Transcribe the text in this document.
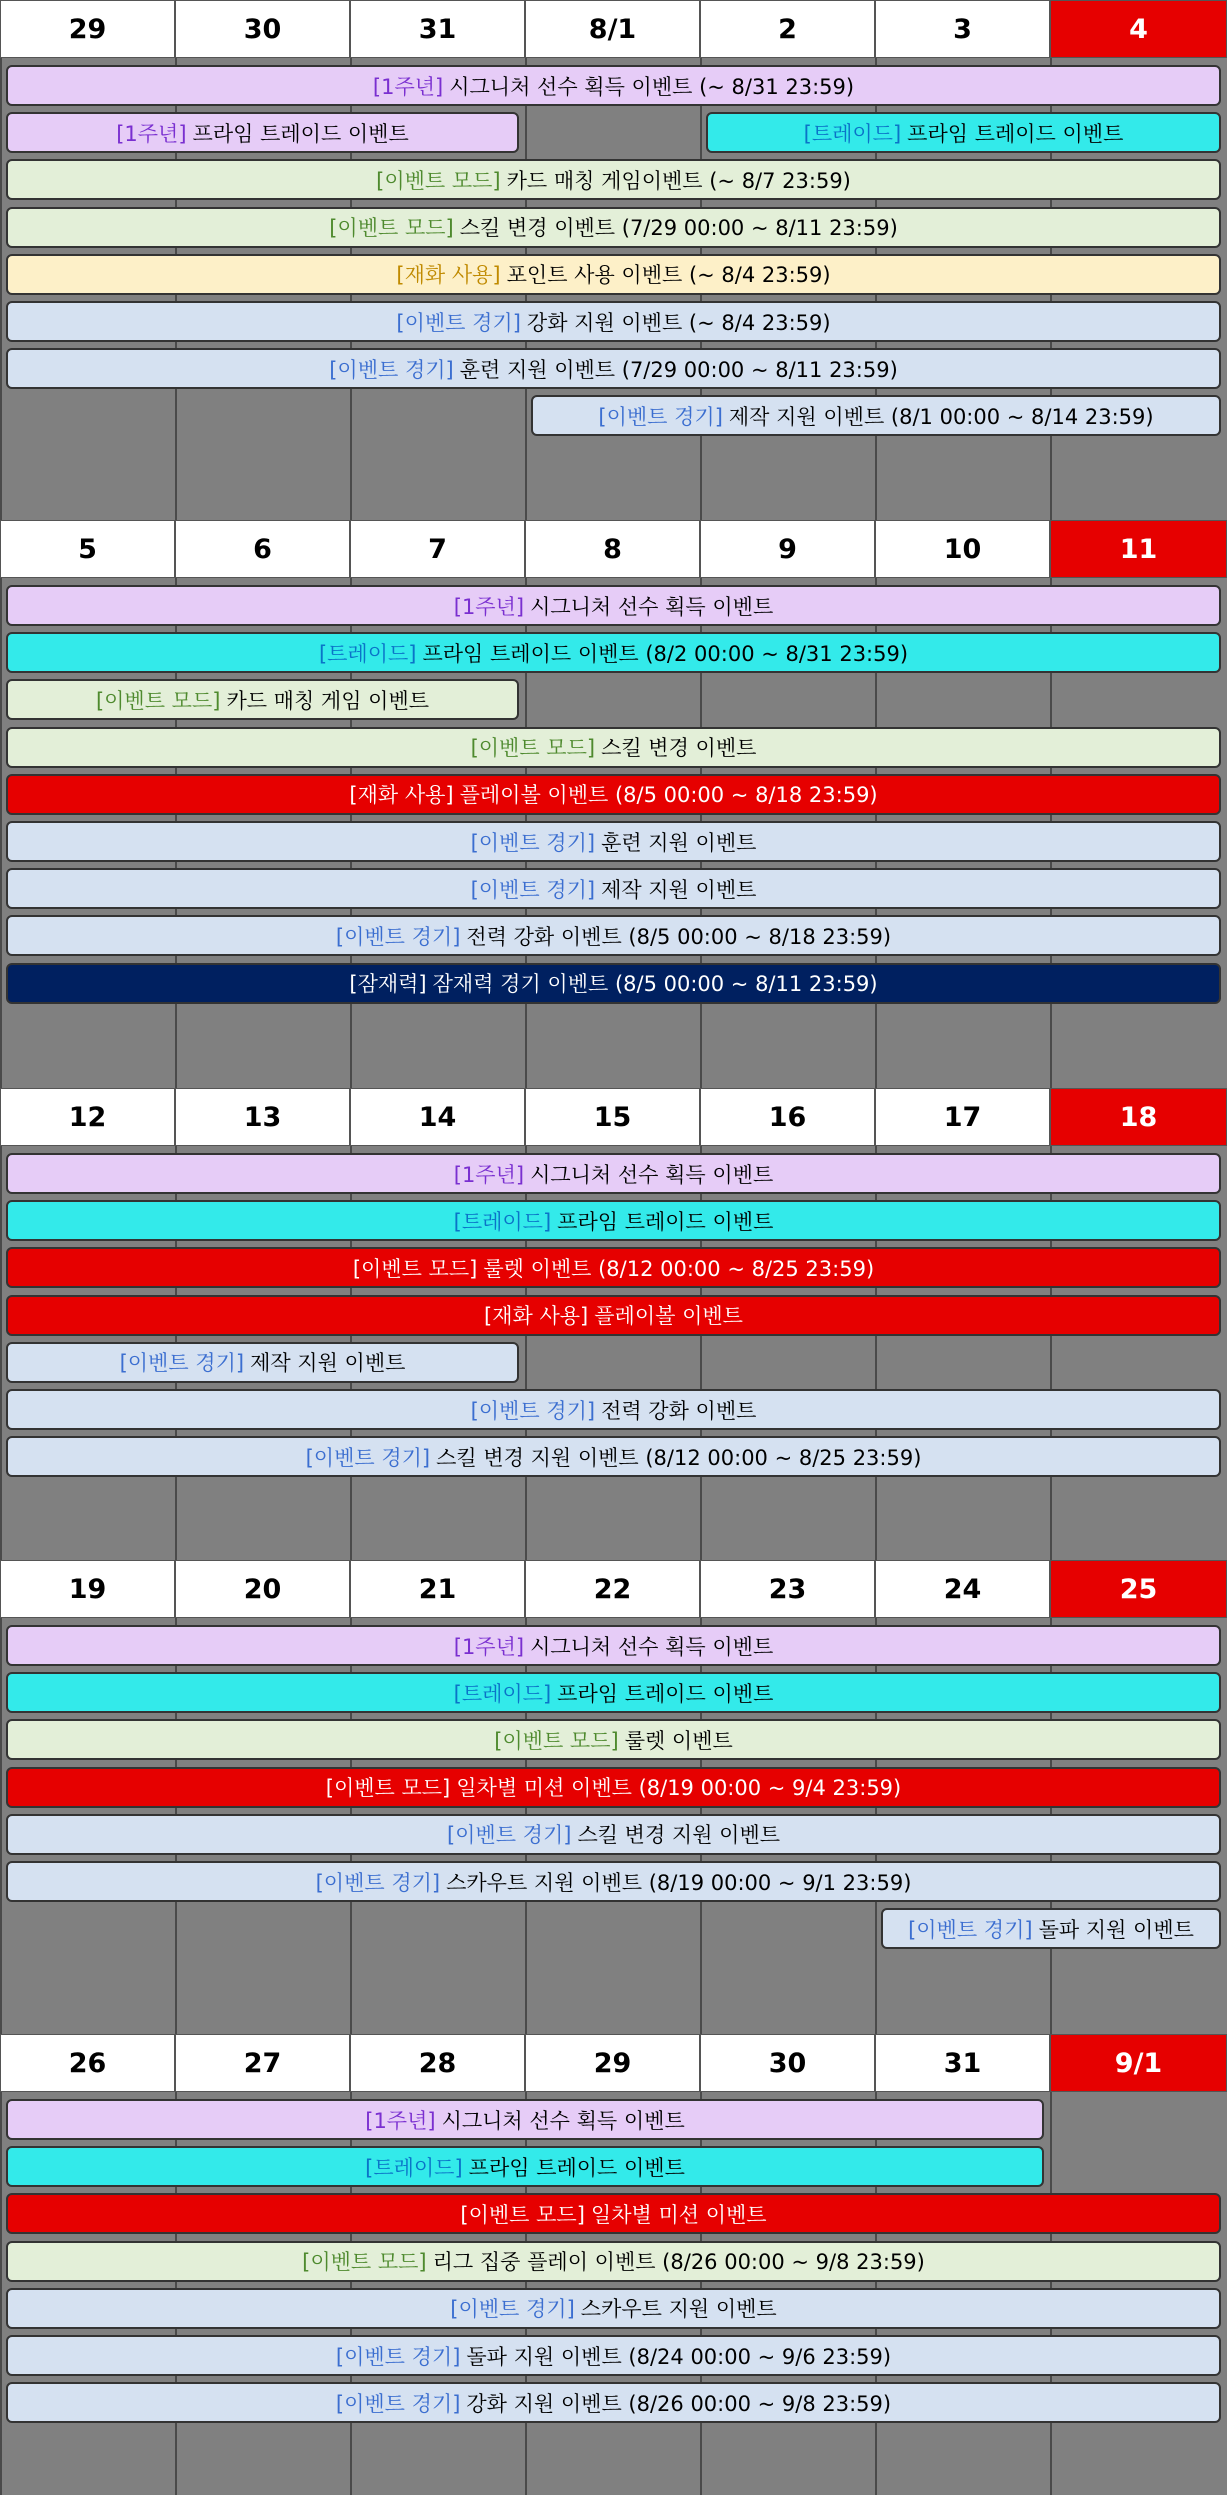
29	30	31	8/1	2	3	4
[1주년] 시그니처 선수 획득 이벤트 (~ 8/31 23:59)
[1주년] 프라임 트레이드 이벤트	[트레이드] 프라임 트레이드 이벤트
[이벤트 모드] 카드 매칭 게임이벤트 (~ 8/7 23:59)
[이벤트 모드] 스킬 변경 이벤트 (7/29 00:00 ~ 8/11 23:59)
[재화 사용] 포인트 사용 이벤트 (~ 8/4 23:59)
[이벤트 경기] 강화 지원 이벤트 (~ 8/4 23:59)
[이벤트 경기] 훈련 지원 이벤트 (7/29 00:00 ~ 8/11 23:59)
[이벤트 경기] 제작 지원 이벤트 (8/1 00:00 ~ 8/14 23:59)
5	6	7	8	9	10	11
[1주년] 시그니처 선수 획득 이벤트
[트레이드] 프라임 트레이드 이벤트 (8/2 00:00 ~ 8/31 23:59)
[이벤트 모드] 카드 매칭 게임 이벤트
[이벤트 모드] 스킬 변경 이벤트
[재화 사용] 플레이볼 이벤트 (8/5 00:00 ~ 8/18 23:59)
[이벤트 경기] 훈련 지원 이벤트
[이벤트 경기] 제작 지원 이벤트
[이벤트 경기] 전력 강화 이벤트 (8/5 00:00 ~ 8/18 23:59)
[잠재력] 잠재력 경기 이벤트 (8/5 00:00 ~ 8/11 23:59)
12	13	14	15	16	17	18
[1주년] 시그니처 선수 획득 이벤트
[트레이드] 프라임 트레이드 이벤트
[이벤트 모드] 룰렛 이벤트 (8/12 00:00 ~ 8/25 23:59)
[재화 사용] 플레이볼 이벤트
[이벤트 경기] 제작 지원 이벤트
[이벤트 경기] 전력 강화 이벤트
[이벤트 경기] 스킬 변경 지원 이벤트 (8/12 00:00 ~ 8/25 23:59)
19	20	21	22	23	24	25
[1주년] 시그니처 선수 획득 이벤트
[트레이드] 프라임 트레이드 이벤트
[이벤트 모드] 룰렛 이벤트
[이벤트 모드] 일차별 미션 이벤트 (8/19 00:00 ~ 9/4 23:59)
[이벤트 경기] 스킬 변경 지원 이벤트
[이벤트 경기] 스카우트 지원 이벤트 (8/19 00:00 ~ 9/1 23:59)
[이벤트 경기] 돌파 지원 이벤트
26	27	28	29	30	31	9/1
[1주년] 시그니처 선수 획득 이벤트
[트레이드] 프라임 트레이드 이벤트
[이벤트 모드] 일차별 미션 이벤트
[이벤트 모드] 리그 집중 플레이 이벤트 (8/26 00:00 ~ 9/8 23:59)
[이벤트 경기] 스카우트 지원 이벤트
[이벤트 경기] 돌파 지원 이벤트 (8/24 00:00 ~ 9/6 23:59)
[이벤트 경기] 강화 지원 이벤트 (8/26 00:00 ~ 9/8 23:59)
